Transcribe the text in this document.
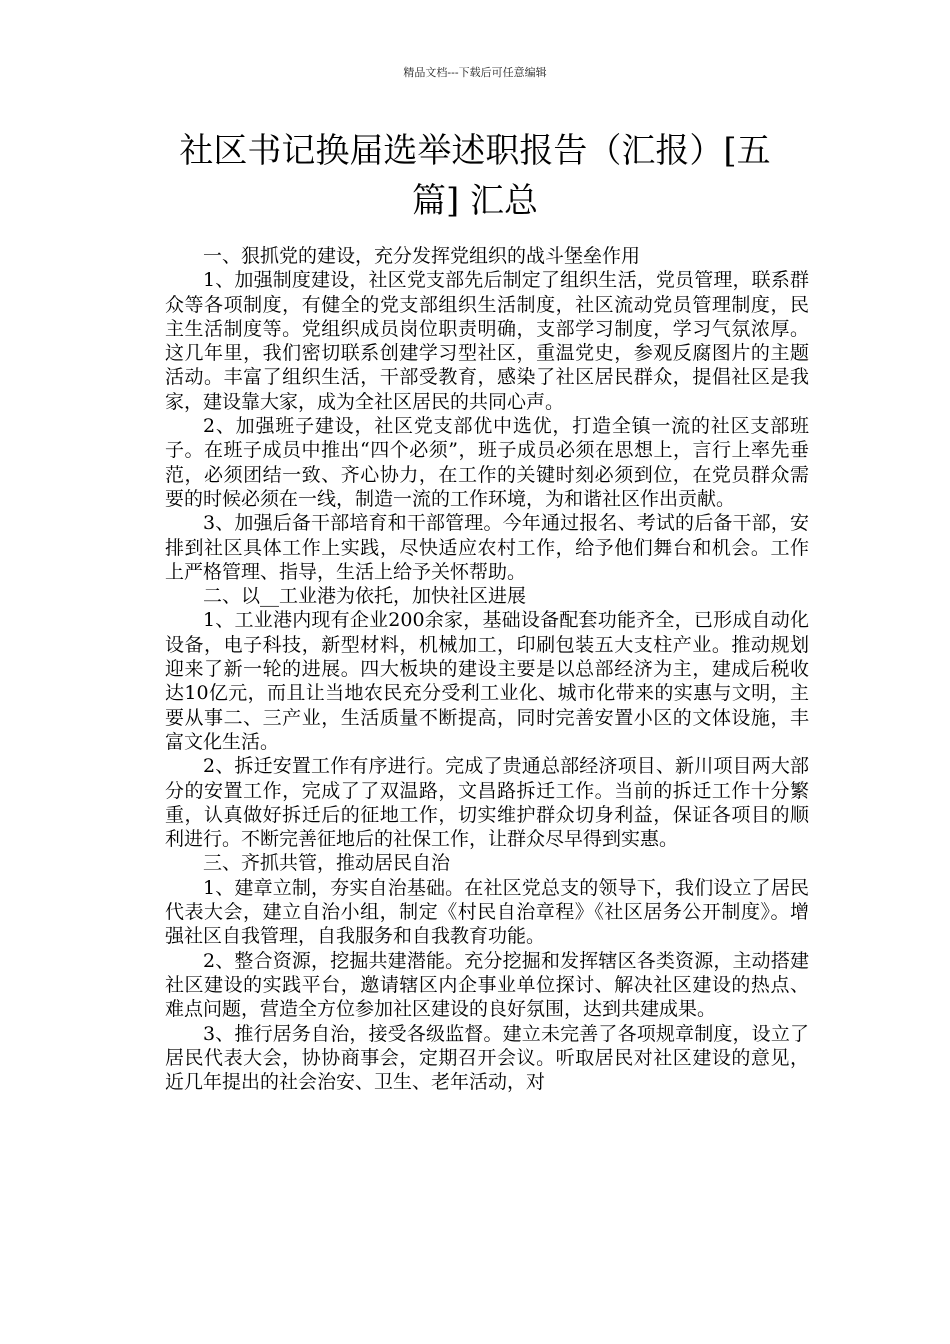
精品文档---下载后可任意编辑
社区书记换届选举述职报告（汇报）[五
篇] 汇总

一、狠抓党的建设，充分发挥党组织的战斗堡垒作用

1、加强制度建设，社区党支部先后制定了组织生活，党员管理，联系群众等各项制度，有健全的党支部组织生活制度，社区流动党员管理制度，民主生活制度等。党组织成员岗位职责明确，支部学习制度，学习气氛浓厚。这几年里，我们密切联系创建学习型社区，重温党史，参观反腐图片的主题活动。丰富了组织生活，干部受教育，感染了社区居民群众，提倡社区是我家，建设靠大家，成为全社区居民的共同心声。

2、加强班子建设，社区党支部优中选优，打造全镇一流的社区支部班子。在班子成员中推出“四个必须”，班子成员必须在思想上，言行上率先垂范，必须团结一致、齐心协力，在工作的关键时刻必须到位，在党员群众需要的时候必须在一线，制造一流的工作环境，为和谐社区作出贡献。

3、加强后备干部培育和干部管理。今年通过报名、考试的后备干部，安排到社区具体工作上实践，尽快适应农村工作，给予他们舞台和机会。工作上严格管理、指导，生活上给予关怀帮助。

二、以__工业港为依托，加快社区进展

1、工业港内现有企业200余家，基础设备配套功能齐全，已形成自动化设备，电子科技，新型材料，机械加工，印刷包装五大支柱产业。推动规划迎来了新一轮的进展。四大板块的建设主要是以总部经济为主，建成后税收达10亿元，而且让当地农民充分受利工业化、城市化带来的实惠与文明，主要从事二、三产业，生活质量不断提高，同时完善安置小区的文体设施，丰富文化生活。

2、拆迁安置工作有序进行。完成了贵通总部经济项目、新川项目两大部分的安置工作，完成了了双温路，文昌路拆迁工作。当前的拆迁工作十分繁重，认真做好拆迁后的征地工作，切实维护群众切身利益，保证各项目的顺利进行。不断完善征地后的社保工作，让群众尽早得到实惠。

三、齐抓共管，推动居民自治

1、建章立制，夯实自治基础。在社区党总支的领导下，我们设立了居民代表大会，建立自治小组，制定《村民自治章程》《社区居务公开制度》。增强社区自我管理，自我服务和自我教育功能。

2、整合资源，挖掘共建潜能。充分挖掘和发挥辖区各类资源，主动搭建社区建设的实践平台，邀请辖区内企事业单位探讨、解决社区建设的热点、难点问题，营造全方位参加社区建设的良好氛围，达到共建成果。

3、推行居务自治，接受各级监督。建立未完善了各项规章制度，设立了居民代表大会，协协商事会，定期召开会议。听取居民对社区建设的意见，近几年提出的社会治安、卫生、老年活动，对
